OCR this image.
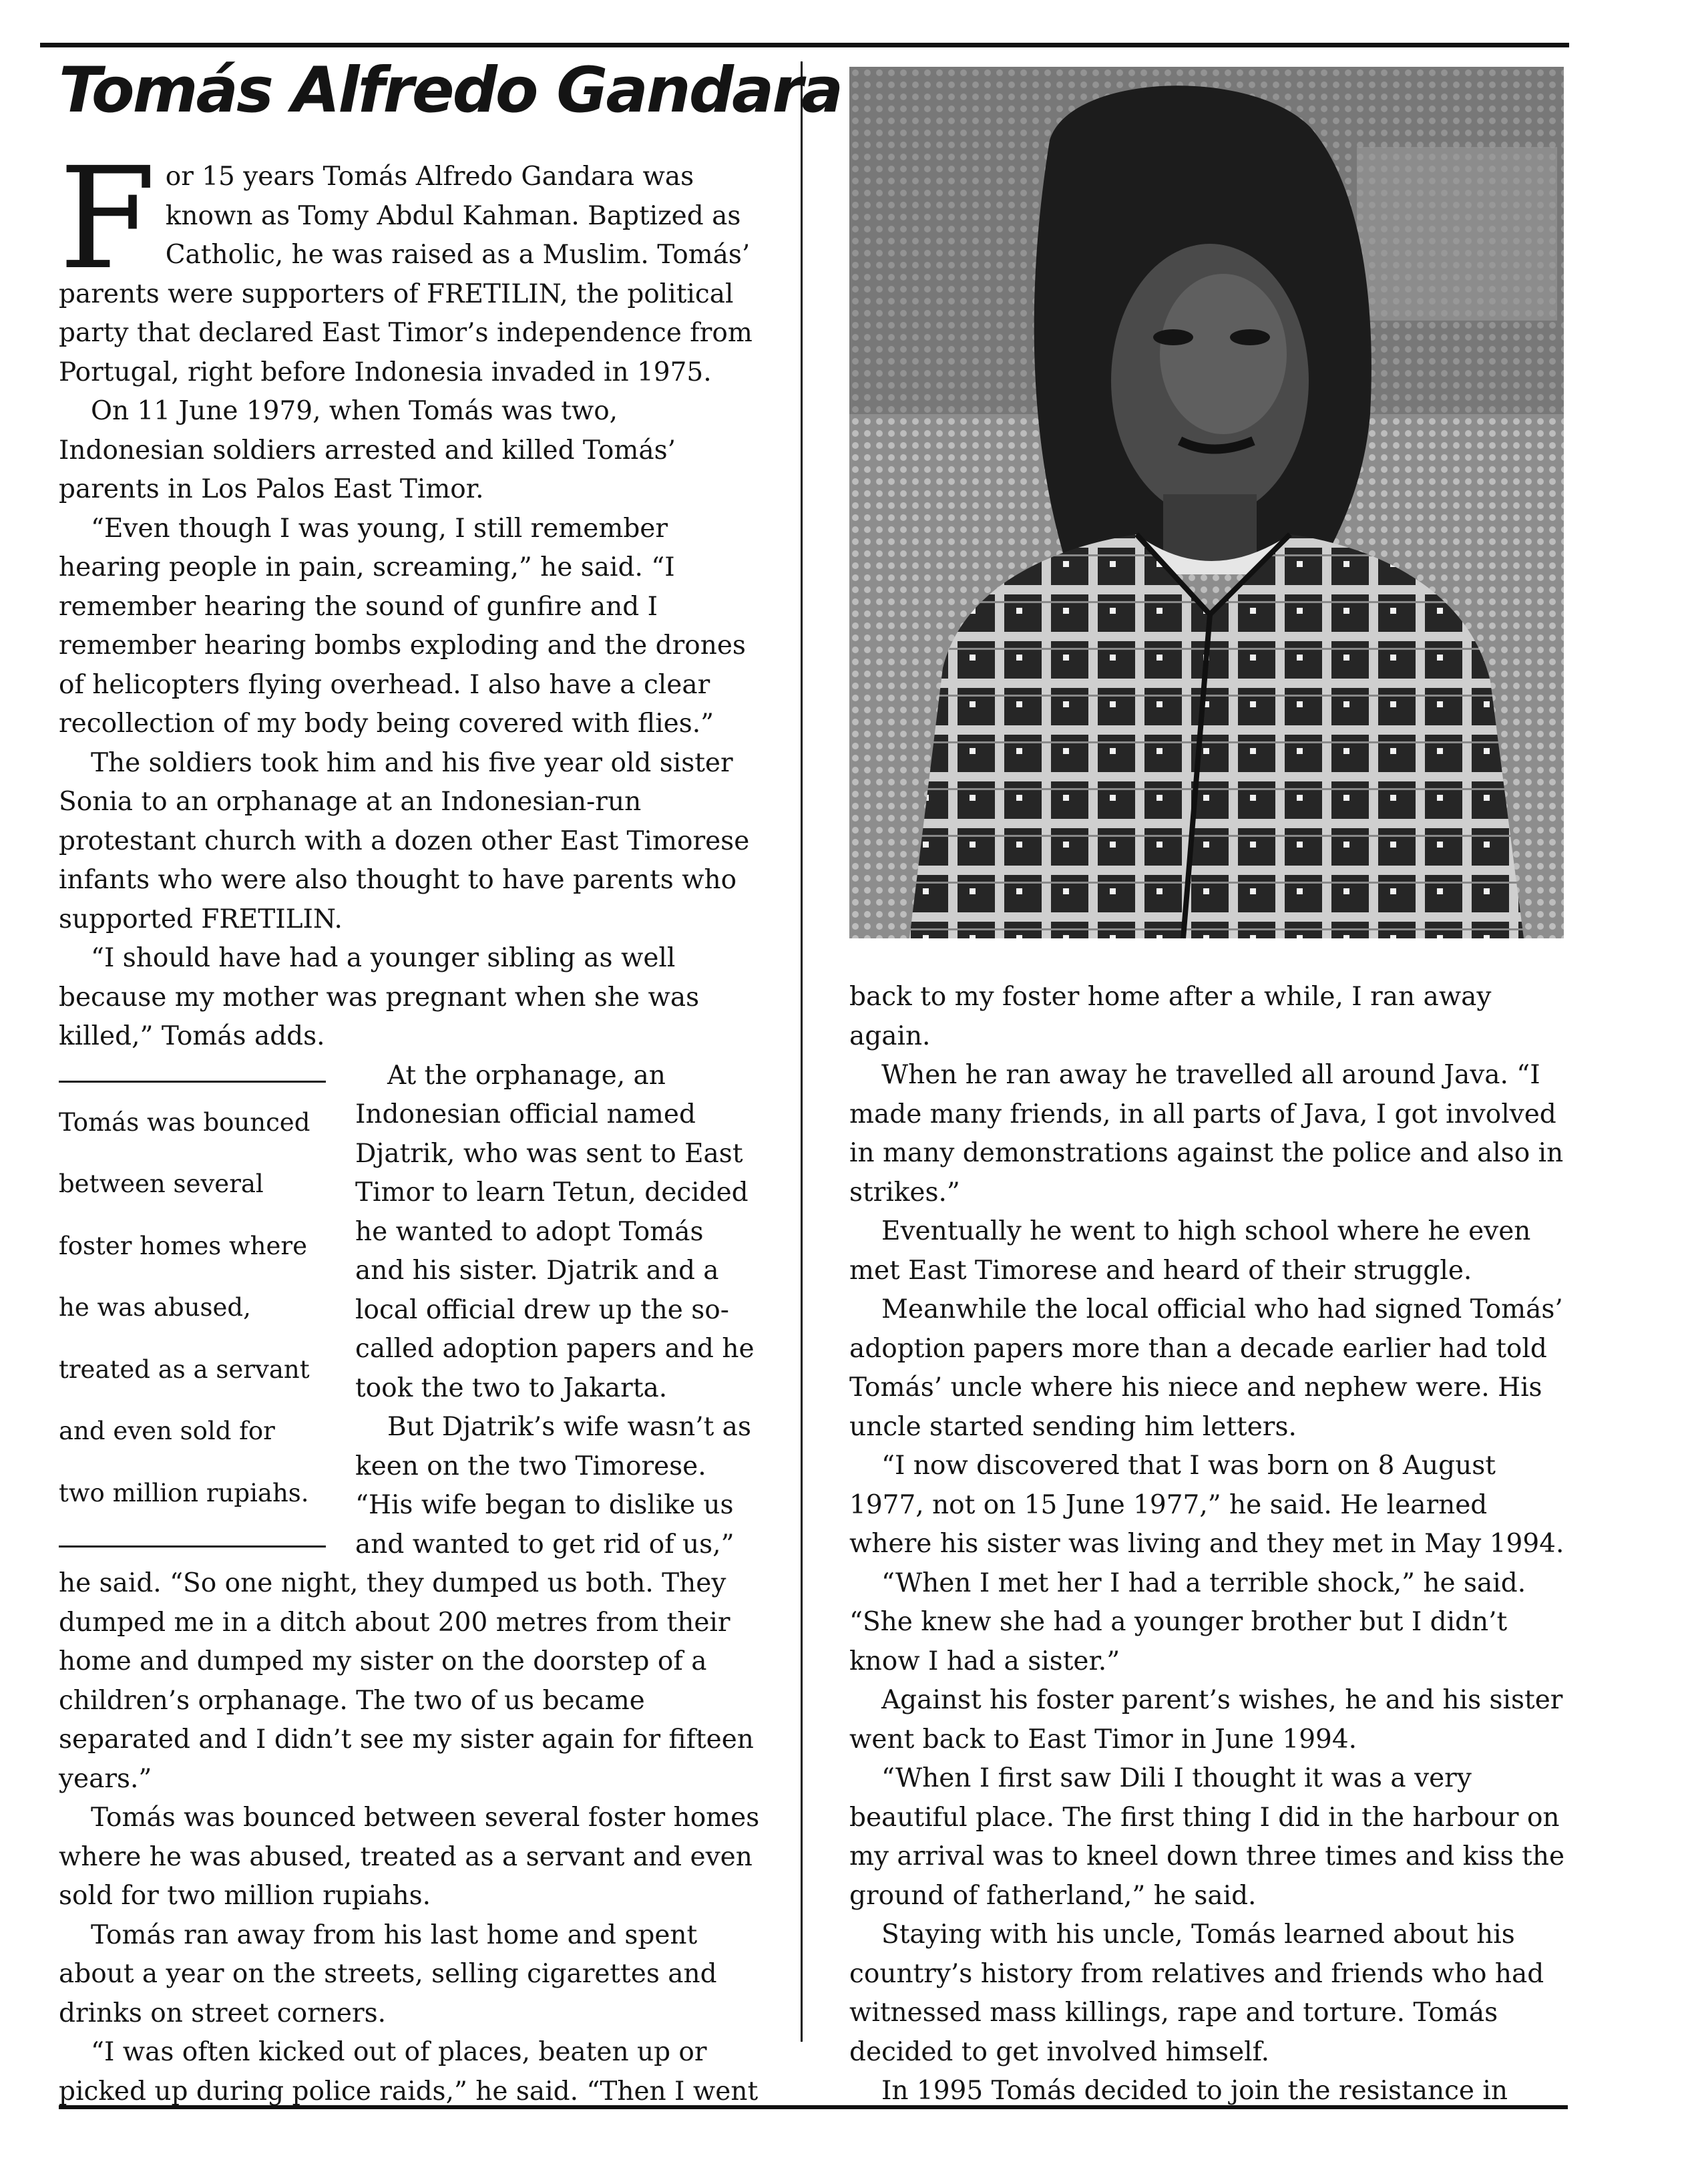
Tomás Alfredo Gandara

For 15 years Tomás Alfredo Gandara was known as Tomy Abdul Kahman. Baptized as Catholic, he was raised as a Muslim. Tomás’ parents were supporters of FRETILIN, the political party that declared East Timor’s independence from Portugal, right before Indonesia invaded in 1975.

On 11 June 1979, when Tomás was two, Indonesian soldiers arrested and killed Tomás’ parents in Los Palos East Timor.

“Even though I was young, I still remember hearing people in pain, screaming,” he said. “I remember hearing the sound of gunfire and I remember hearing bombs exploding and the drones of helicopters flying overhead. I also have a clear recollection of my body being covered with flies.”

The soldiers took him and his five year old sister Sonia to an orphanage at an Indonesian-run protestant church with a dozen other East Timorese infants who were also thought to have parents who supported FRETILIN.

“I should have had a younger sibling as well because my mother was pregnant when she was killed,” Tomás adds.

Tomás was bounced between several foster homes where he was abused, treated as a servant and even sold for two million rupiahs.

At the orphanage, an Indonesian official named Djatrik, who was sent to East Timor to learn Tetun, decided he wanted to adopt Tomás and his sister. Djatrik and a local official drew up the so-called adoption papers and he took the two to Jakarta.

But Djatrik’s wife wasn’t as keen on the two Timorese. “His wife began to dislike us and wanted to get rid of us,” he said. “So one night, they dumped us both. They dumped me in a ditch about 200 metres from their home and dumped my sister on the doorstep of a children’s orphanage. The two of us became separated and I didn’t see my sister again for fifteen years.”

Tomás was bounced between several foster homes where he was abused, treated as a servant and even sold for two million rupiahs.

Tomás ran away from his last home and spent about a year on the streets, selling cigarettes and drinks on street corners.

“I was often kicked out of places, beaten up or picked up during police raids,” he said. “Then I went

back to my foster home after a while, I ran away again.

When he ran away he travelled all around Java. “I made many friends, in all parts of Java, I got involved in many demonstrations against the police and also in strikes.”

Eventually he went to high school where he even met East Timorese and heard of their struggle.

Meanwhile the local official who had signed Tomás’ adoption papers more than a decade earlier had told Tomás’ uncle where his niece and nephew were. His uncle started sending him letters.

“I now discovered that I was born on 8 August 1977, not on 15 June 1977,” he said. He learned where his sister was living and they met in May 1994.

“When I met her I had a terrible shock,” he said. “She knew she had a younger brother but I didn’t know I had a sister.”

Against his foster parent’s wishes, he and his sister went back to East Timor in June 1994.

“When I first saw Dili I thought it was a very beautiful place. The first thing I did in the harbour on my arrival was to kneel down three times and kiss the ground of fatherland,” he said.

Staying with his uncle, Tomás learned about his country’s history from relatives and friends who had witnessed mass killings, rape and torture. Tomás decided to get involved himself.

In 1995 Tomás decided to join the resistance in
